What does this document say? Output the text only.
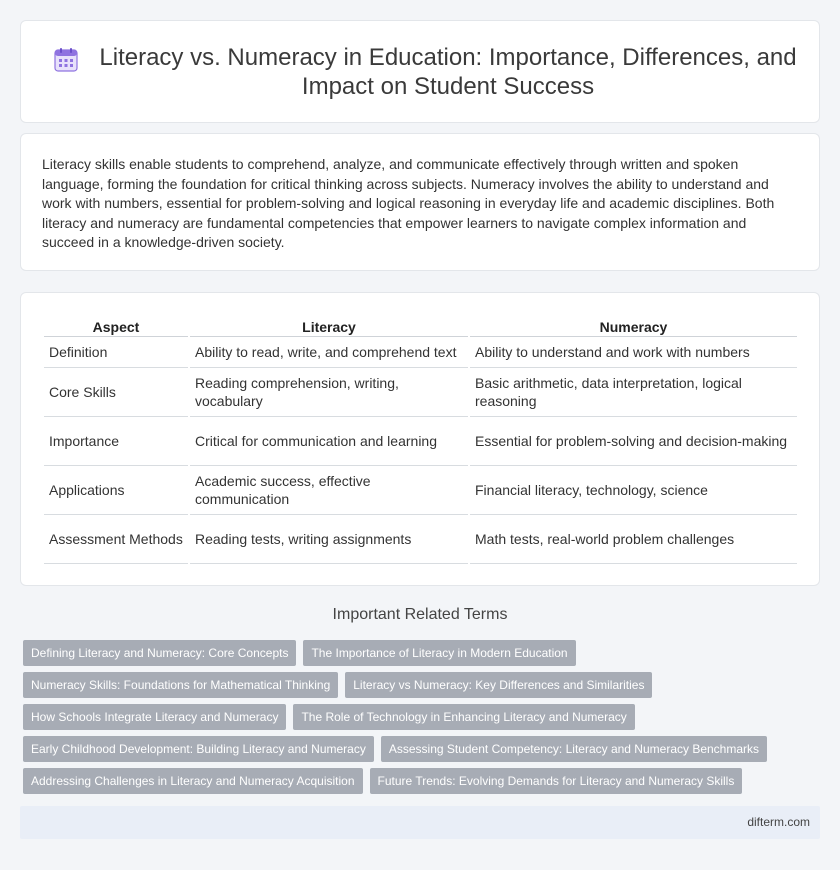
Literacy vs. Numeracy in Education: Importance, Differences, and Impact on Student Success

Literacy skills enable students to comprehend, analyze, and communicate effectively through written and spoken language, forming the foundation for critical thinking across subjects. Numeracy involves the ability to understand and work with numbers, essential for problem-solving and logical reasoning in everyday life and academic disciplines. Both literacy and numeracy are fundamental competencies that empower learners to navigate complex information and succeed in a knowledge-driven society.

Aspect	Literacy	Numeracy
Definition	Ability to read, write, and comprehend text	Ability to understand and work with numbers
Core Skills	Reading comprehension, writing, vocabulary	Basic arithmetic, data interpretation, logical reasoning
Importance	Critical for communication and learning	Essential for problem-solving and decision-making
Applications	Academic success, effective communication	Financial literacy, technology, science
Assessment Methods	Reading tests, writing assignments	Math tests, real-world problem challenges
Important Related Terms
Defining Literacy and Numeracy: Core Concepts	The Importance of Literacy in Modern Education
Numeracy Skills: Foundations for Mathematical Thinking	Literacy vs Numeracy: Key Differences and Similarities
How Schools Integrate Literacy and Numeracy	The Role of Technology in Enhancing Literacy and Numeracy
Early Childhood Development: Building Literacy and Numeracy	Assessing Student Competency: Literacy and Numeracy Benchmarks
Addressing Challenges in Literacy and Numeracy Acquisition	Future Trends: Evolving Demands for Literacy and Numeracy Skills
difterm.com
